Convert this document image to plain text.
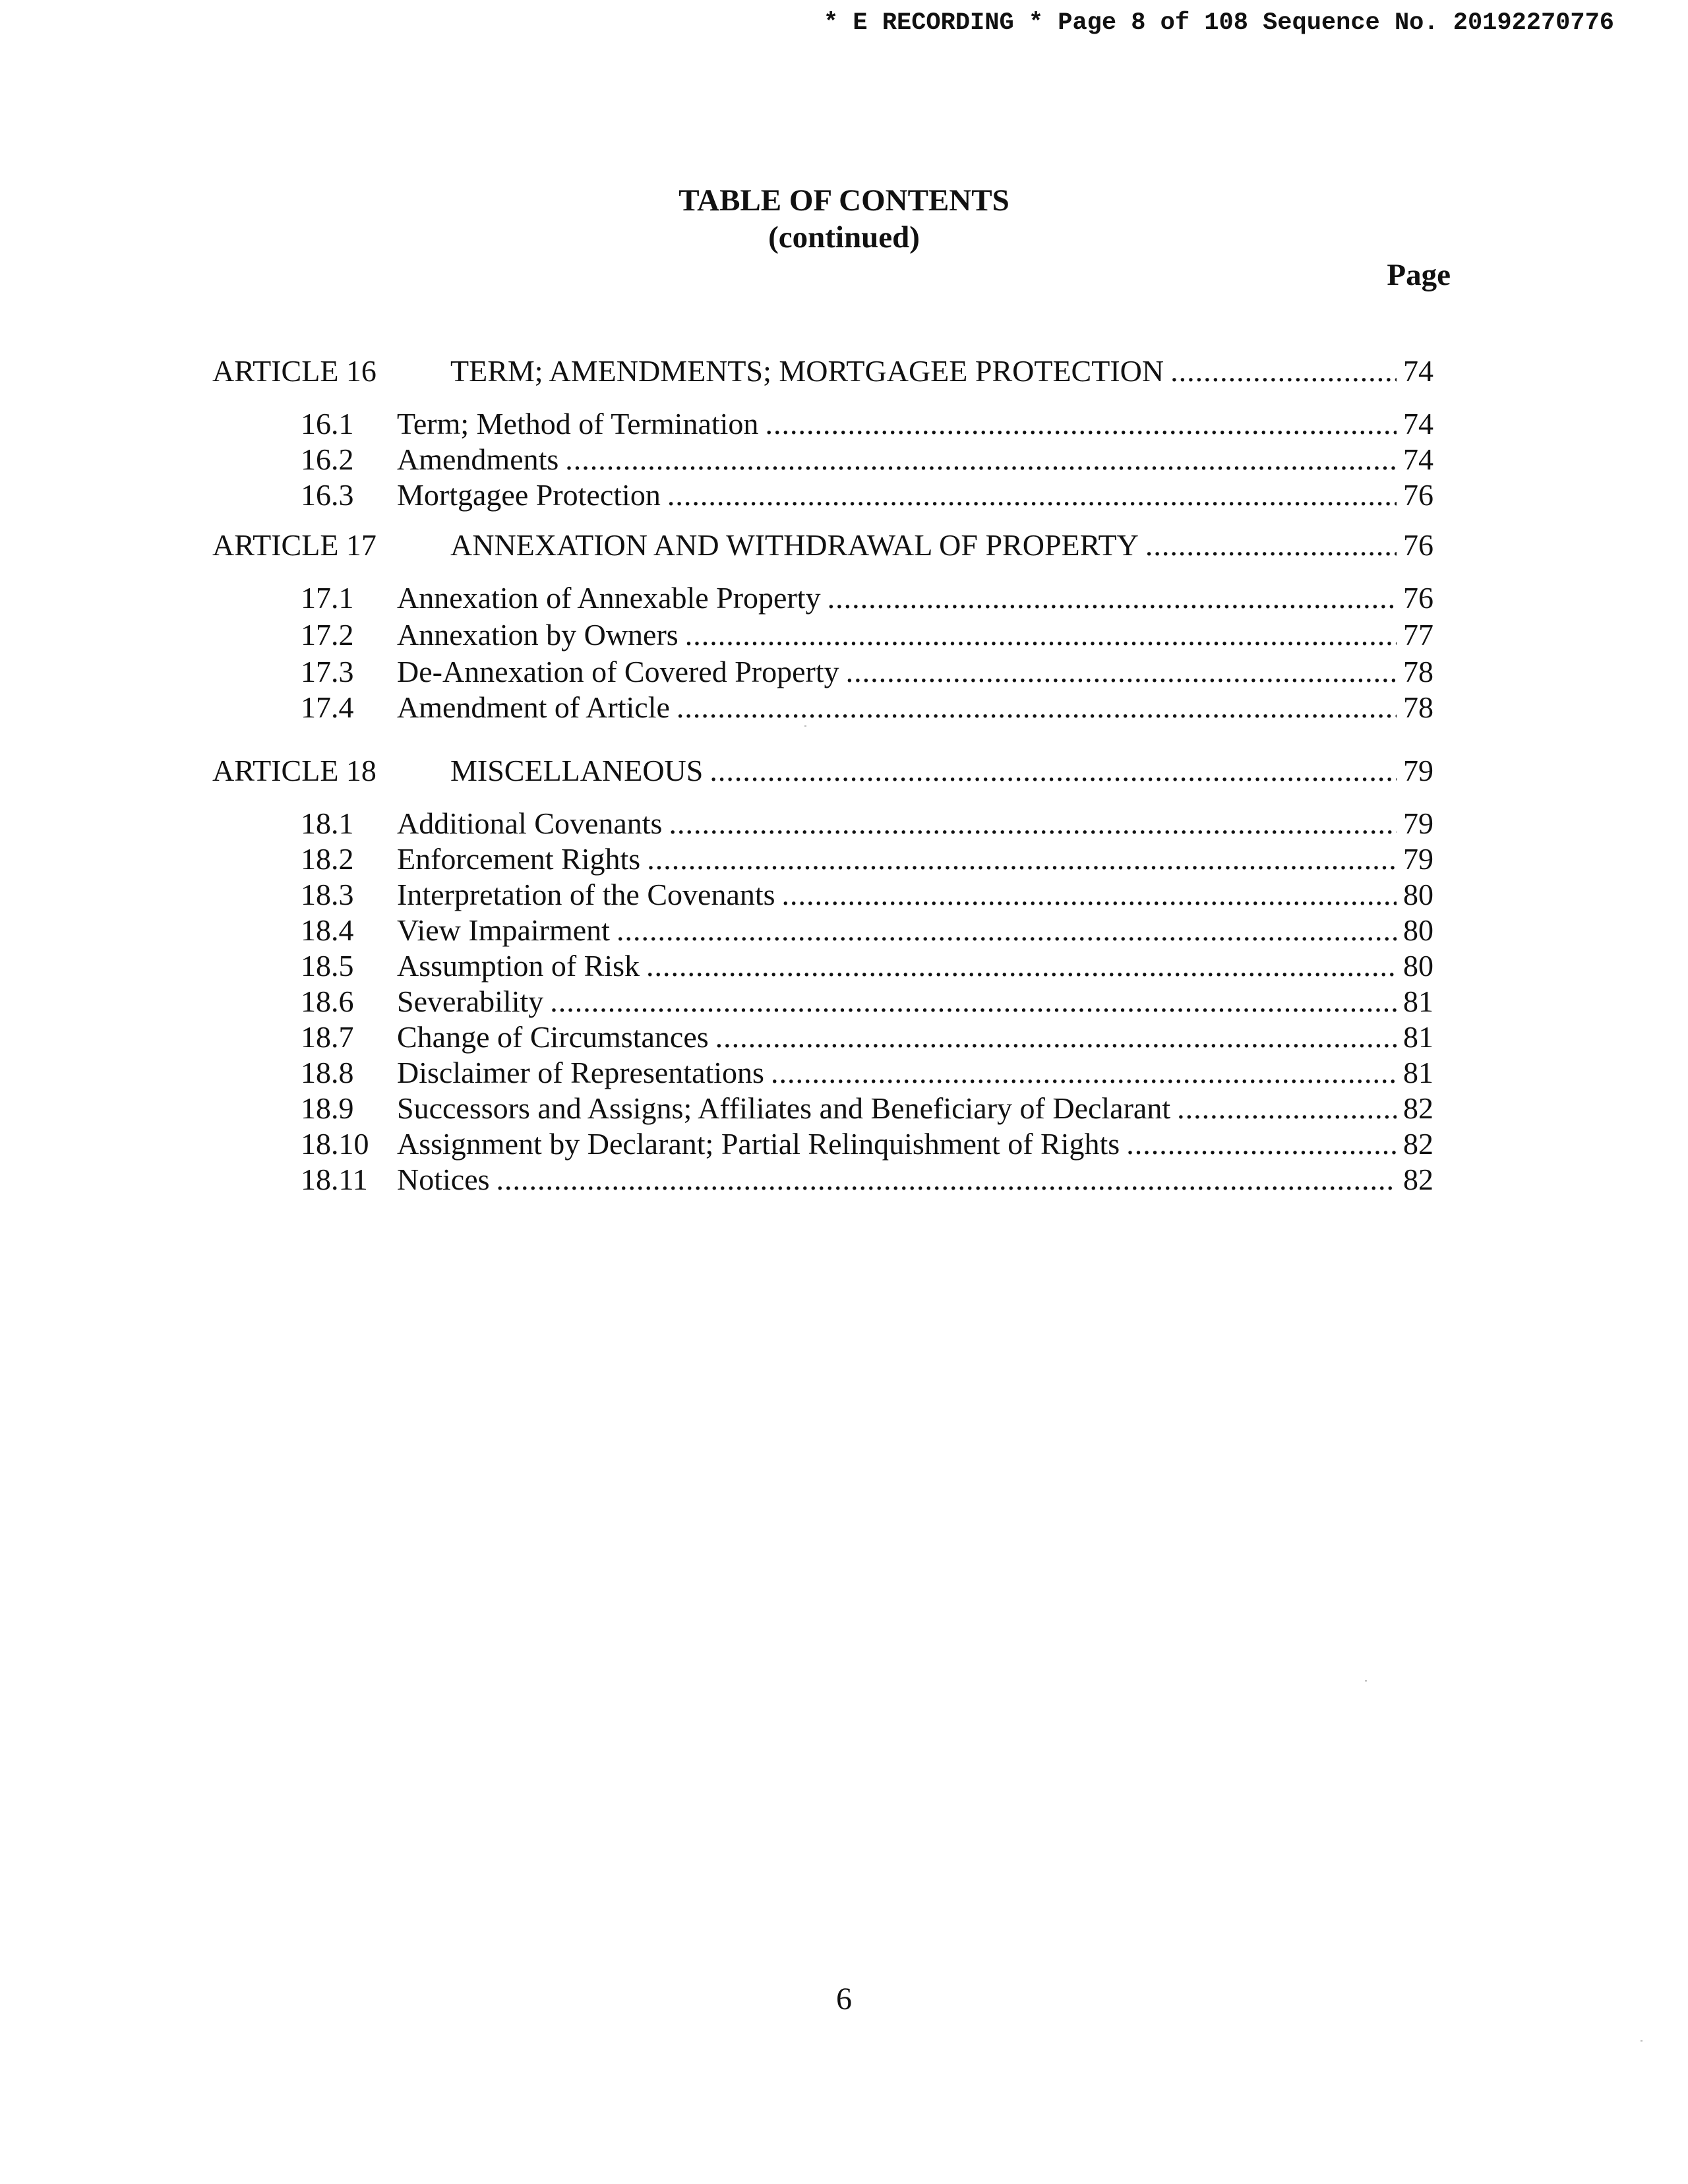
* E RECORDING * Page 8 of 108 Sequence No. 20192270776
TABLE OF CONTENTS
(continued)
Page
ARTICLE 16	TERM; AMENDMENTS; MORTGAGEE PROTECTION .....	74
16.1	Term; Method of Termination .....	74
16.2	Amendments .....	74
16.3	Mortgagee Protection .....	76
ARTICLE 17	ANNEXATION AND WITHDRAWAL OF PROPERTY .....	76
17.1	Annexation of Annexable Property .....	76
17.2	Annexation by Owners .....	77
17.3	De-Annexation of Covered Property .....	78
17.4	Amendment of Article .....	78
ARTICLE 18	MISCELLANEOUS .....	79
18.1	Additional Covenants .....	79
18.2	Enforcement Rights .....	79
18.3	Interpretation of the Covenants .....	80
18.4	View Impairment .....	80
18.5	Assumption of Risk .....	80
18.6	Severability .....	81
18.7	Change of Circumstances .....	81
18.8	Disclaimer of Representations .....	81
18.9	Successors and Assigns; Affiliates and Beneficiary of Declarant .....	82
18.10 Assignment by Declarant; Partial Relinquishment of Rights .....	82
18.11 Notices .....	82
6
